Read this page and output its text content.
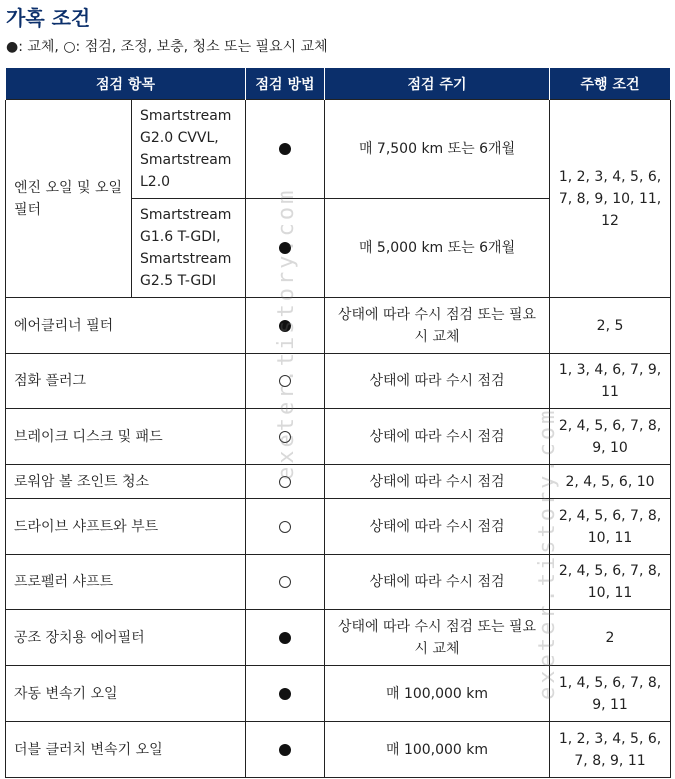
가혹 조건
●: 교체, ○: 점검, 조정, 보충, 청소 또는 필요시 교체
점검 항목		점검 방법	점검 주기	주행 조건
엔진 오일 및 오일 필터	Smartstream G2.0 CVVL, Smartstream L2.0		매 7,500 km 또는 6개월	1, 2, 3, 4, 5, 6, 7, 8, 9, 10, 11, 12
	Smartstream G1.6 T-GDI, Smartstream G2.5 T-GDI		매 5,000 km 또는 6개월	
에어클리너 필터			상태에 따라 수시 점검 또는 필요시 교체	2, 5
점화 플러그			상태에 따라 수시 점검	1, 3, 4, 6, 7, 9, 11
브레이크 디스크 및 패드			상태에 따라 수시 점검	2, 4, 5, 6, 7, 8, 9, 10
로워암 볼 조인트 청소			상태에 따라 수시 점검	2, 4, 5, 6, 10
드라이브 샤프트와 부트			상태에 따라 수시 점검	2, 4, 5, 6, 7, 8, 10, 11
프로펠러 샤프트			상태에 따라 수시 점검	2, 4, 5, 6, 7, 8, 10, 11
공조 장치용 에어필터			상태에 따라 수시 점검 또는 필요시 교체	2
자동 변속기 오일			매 100,000 km	1, 4, 5, 6, 7, 8, 9, 11
더블 클러치 변속기 오일			매 100,000 km	1, 2, 3, 4, 5, 6, 7, 8, 9, 11
exeter.tistory.com
exeter.tistory.com
